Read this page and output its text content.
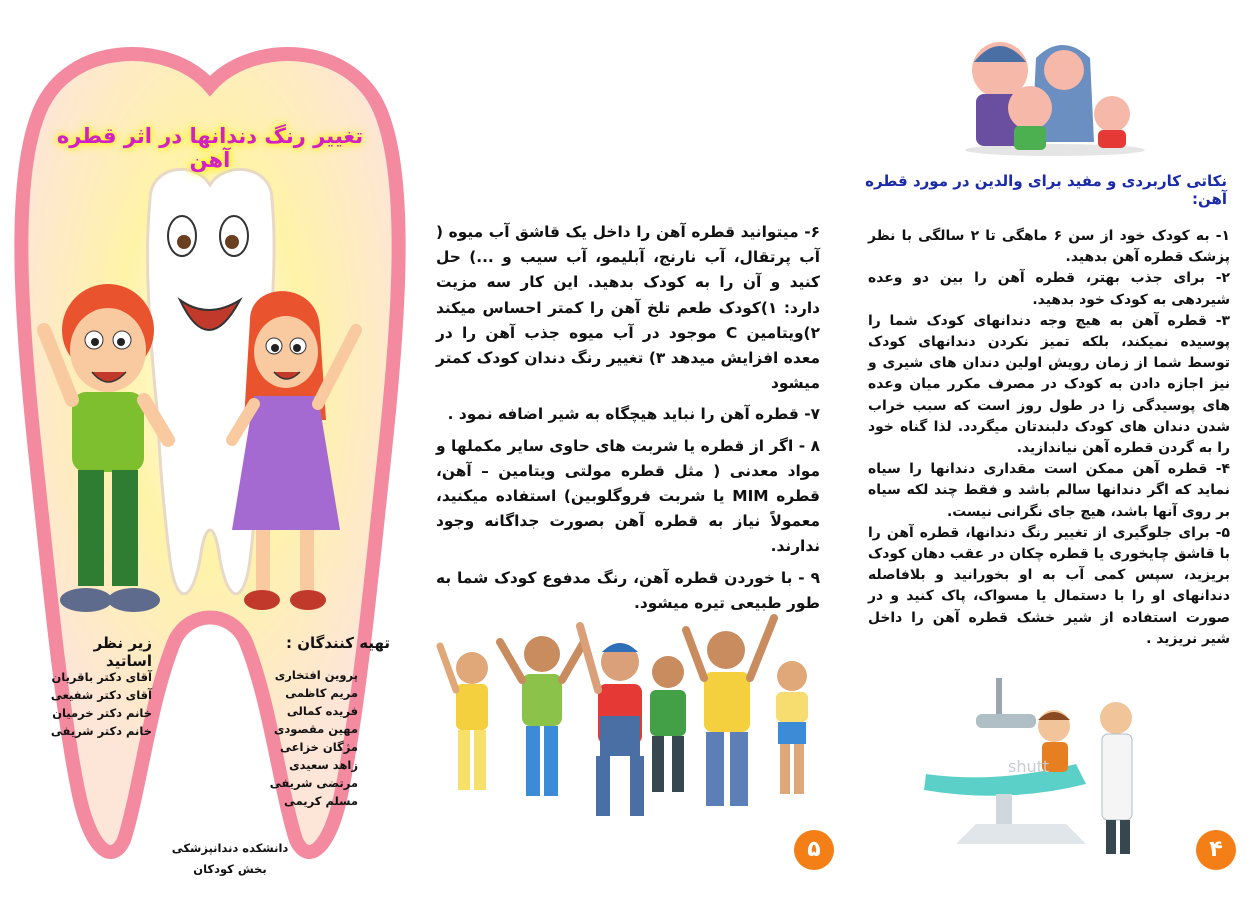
تغییر رنگ دندانها در اثر قطره آهن
تهیه کنندگان :
پروین افتخاری
مریم کاظمی
فریده کمالی
مهین مقصودی
مژگان خزاعی
زاهد سعیدی
مرتضی شریفی
مسلم کریمی
زیر نظر اساتید
آقای دکتر باقریان
آقای دکتر شفیعی
خانم دکتر خرمیان
خانم دکتر شریفی
دانشکده دندانپزشکی
بخش کودکان

۶- میتوانید قطره آهن را داخل یک قاشق آب میوه ( آب پرتقال، آب نارنج، آبلیمو، آب سیب و ...) حل کنید و آن را به کودک بدهید. این کار سه مزیت دارد: ۱)کودک طعم تلخ آهن را کمتر احساس میکند ۲)ویتامین C موجود در آب میوه جذب آهن را در معده افزایش میدهد ۳) تغییر رنگ دندان کودک کمتر میشود

۷- قطره آهن را نباید هیچگاه به شیر اضافه نمود .

۸ - اگر از قطره یا شربت های حاوی سایر مکملها و مواد معدنی ( مثل قطره مولتی ویتامین – آهن، قطره MIM یا شربت فروگلوبین) استفاده میکنید، معمولاً نیاز به قطره آهن بصورت جداگانه وجود ندارند.

۹ - با خوردن قطره آهن، رنگ مدفوع کودک شما به طور طبیعی تیره میشود.

۵
نکاتی کاربردی و مفید برای والدین در مورد قطره آهن:

۱- به کودک خود از سن ۶ ماهگی تا ۲ سالگی با نظر پزشک قطره آهن بدهید.

۲- برای جذب بهتر، قطره آهن را بین دو وعده شیردهی به کودک خود بدهید.

۳- قطره آهن به هیچ وجه دندانهای کودک شما را پوسیده نمیکند، بلکه تمیز نکردن دندانهای کودک توسط شما از زمان رویش اولین دندان های شیری و نیز اجازه دادن به کودک در مصرف مکرر میان وعده های پوسیدگی زا در طول روز است که سبب خراب شدن دندان های کودک دلبندتان میگردد. لذا گناه خود را به گردن قطره آهن نیاندازید.

۴- قطره آهن ممکن است مقداری دندانها را سیاه نماید که اگر دندانها سالم باشد و فقط چند لکه سیاه بر روی آنها باشد، هیچ جای نگرانی نیست.

۵- برای جلوگیری از تغییر رنگ دندانها، قطره آهن را با قاشق چایخوری یا قطره چکان در عقب دهان کودک بریزید، سپس کمی آب به او بخورانید و بلافاصله دندانهای او را با دستمال یا مسواک، پاک کنید و در صورت استفاده از شیر خشک قطره آهن را داخل شیر نریزید .

shutt
۴
